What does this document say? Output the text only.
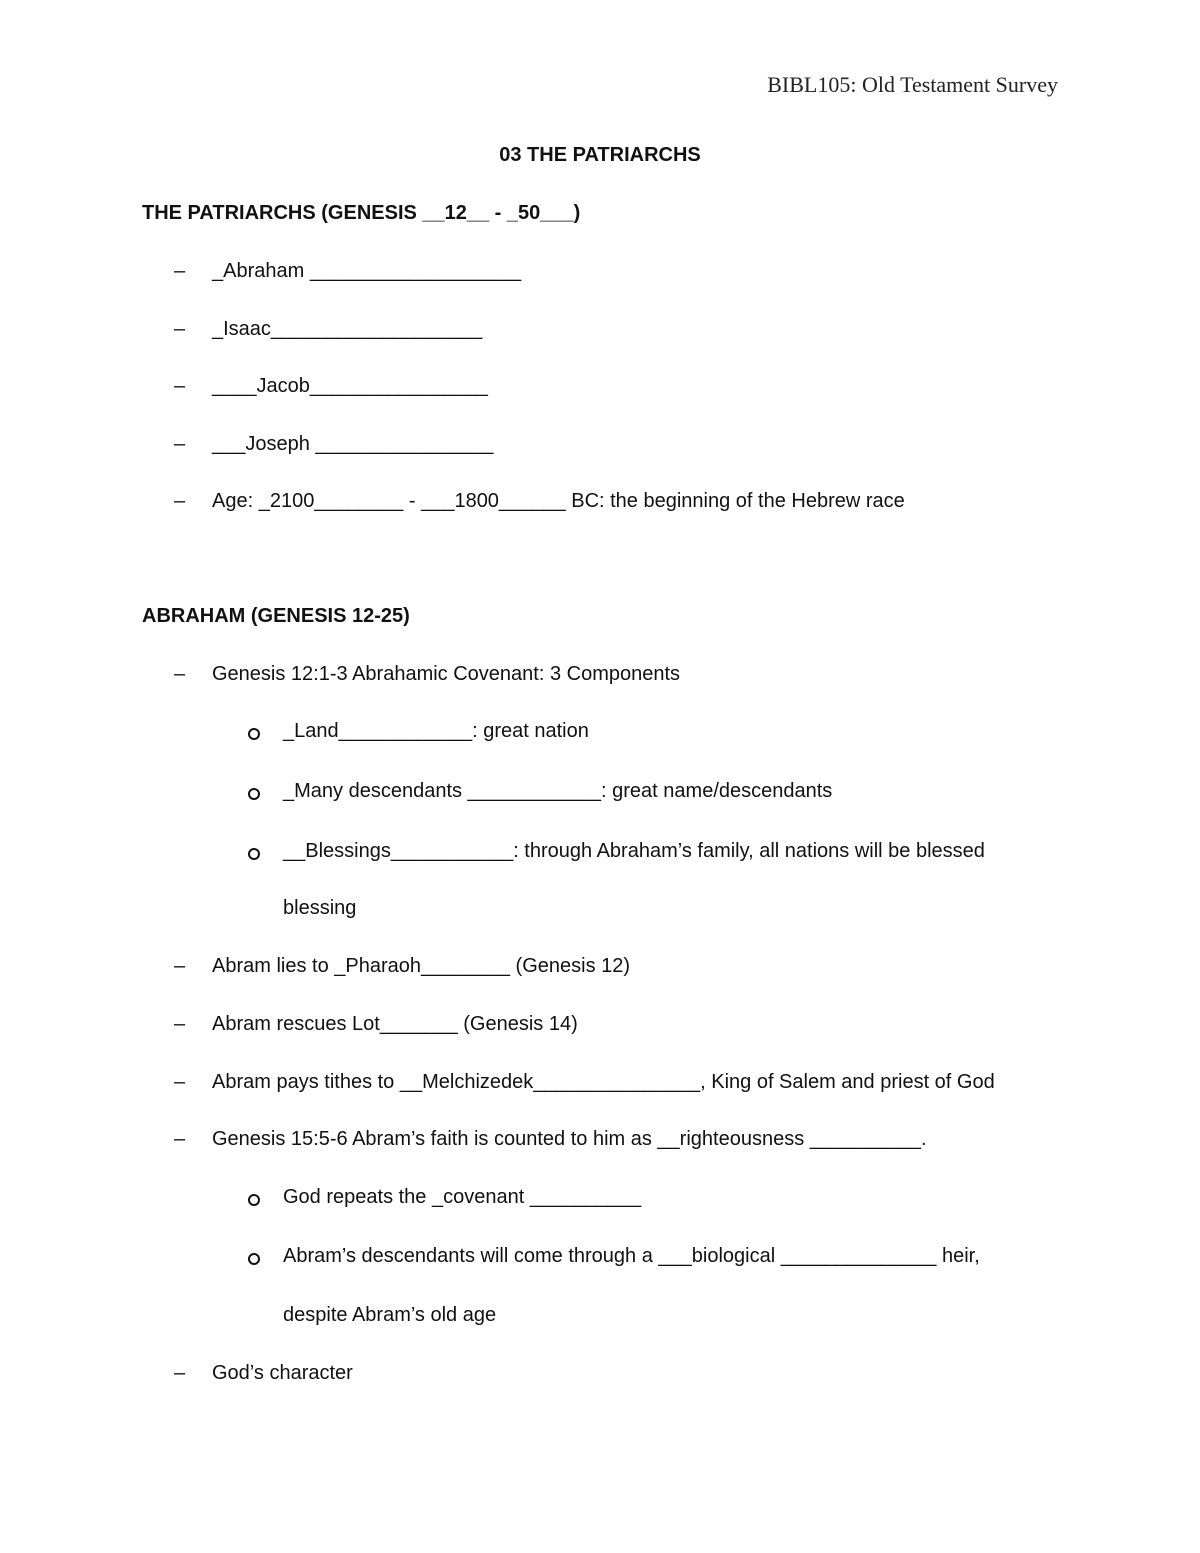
BIBL105: Old Testament Survey
03 THE PATRIARCHS
THE PATRIARCHS (GENESIS __12__ - _50___)
– _Abraham ___________________
– _Isaac___________________
– ____Jacob________________
– ___Joseph ________________
– Age: _2100________ - ___1800______ BC: the beginning of the Hebrew race
ABRAHAM (GENESIS 12-25)
– Genesis 12:1-3 Abrahamic Covenant: 3 Components
_Land____________: great nation
_Many descendants ____________: great name/descendants
__Blessings___________: through Abraham’s family, all nations will be blessed
blessing
– Abram lies to _Pharaoh________ (Genesis 12)
– Abram rescues Lot_______ (Genesis 14)
– Abram pays tithes to __Melchizedek_______________, King of Salem and priest of God
– Genesis 15:5-6 Abram’s faith is counted to him as __righteousness __________.
God repeats the _covenant __________
Abram’s descendants will come through a ___biological ______________ heir,
despite Abram’s old age
– God’s character
